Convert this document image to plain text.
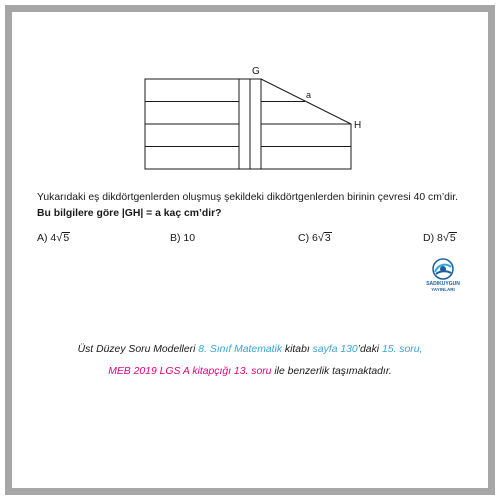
G
a
H
Yukarıdaki eş dikdörtgenlerden oluşmuş şekildeki dikdörtgenlerden birinin çevresi 40 cm’dir.
Bu bilgilere göre |GH| = a kaç cm’dir?
A) 4√5	B) 10	C) 6√3	D) 8√5
SADIKUYGUN
YAYINLARI
Üst Düzey Soru Modelleri 8. Sınıf Matematik kitabı sayfa 130’daki 15. soru,
MEB 2019 LGS A kitapçığı 13. soru ile benzerlik taşımaktadır.
